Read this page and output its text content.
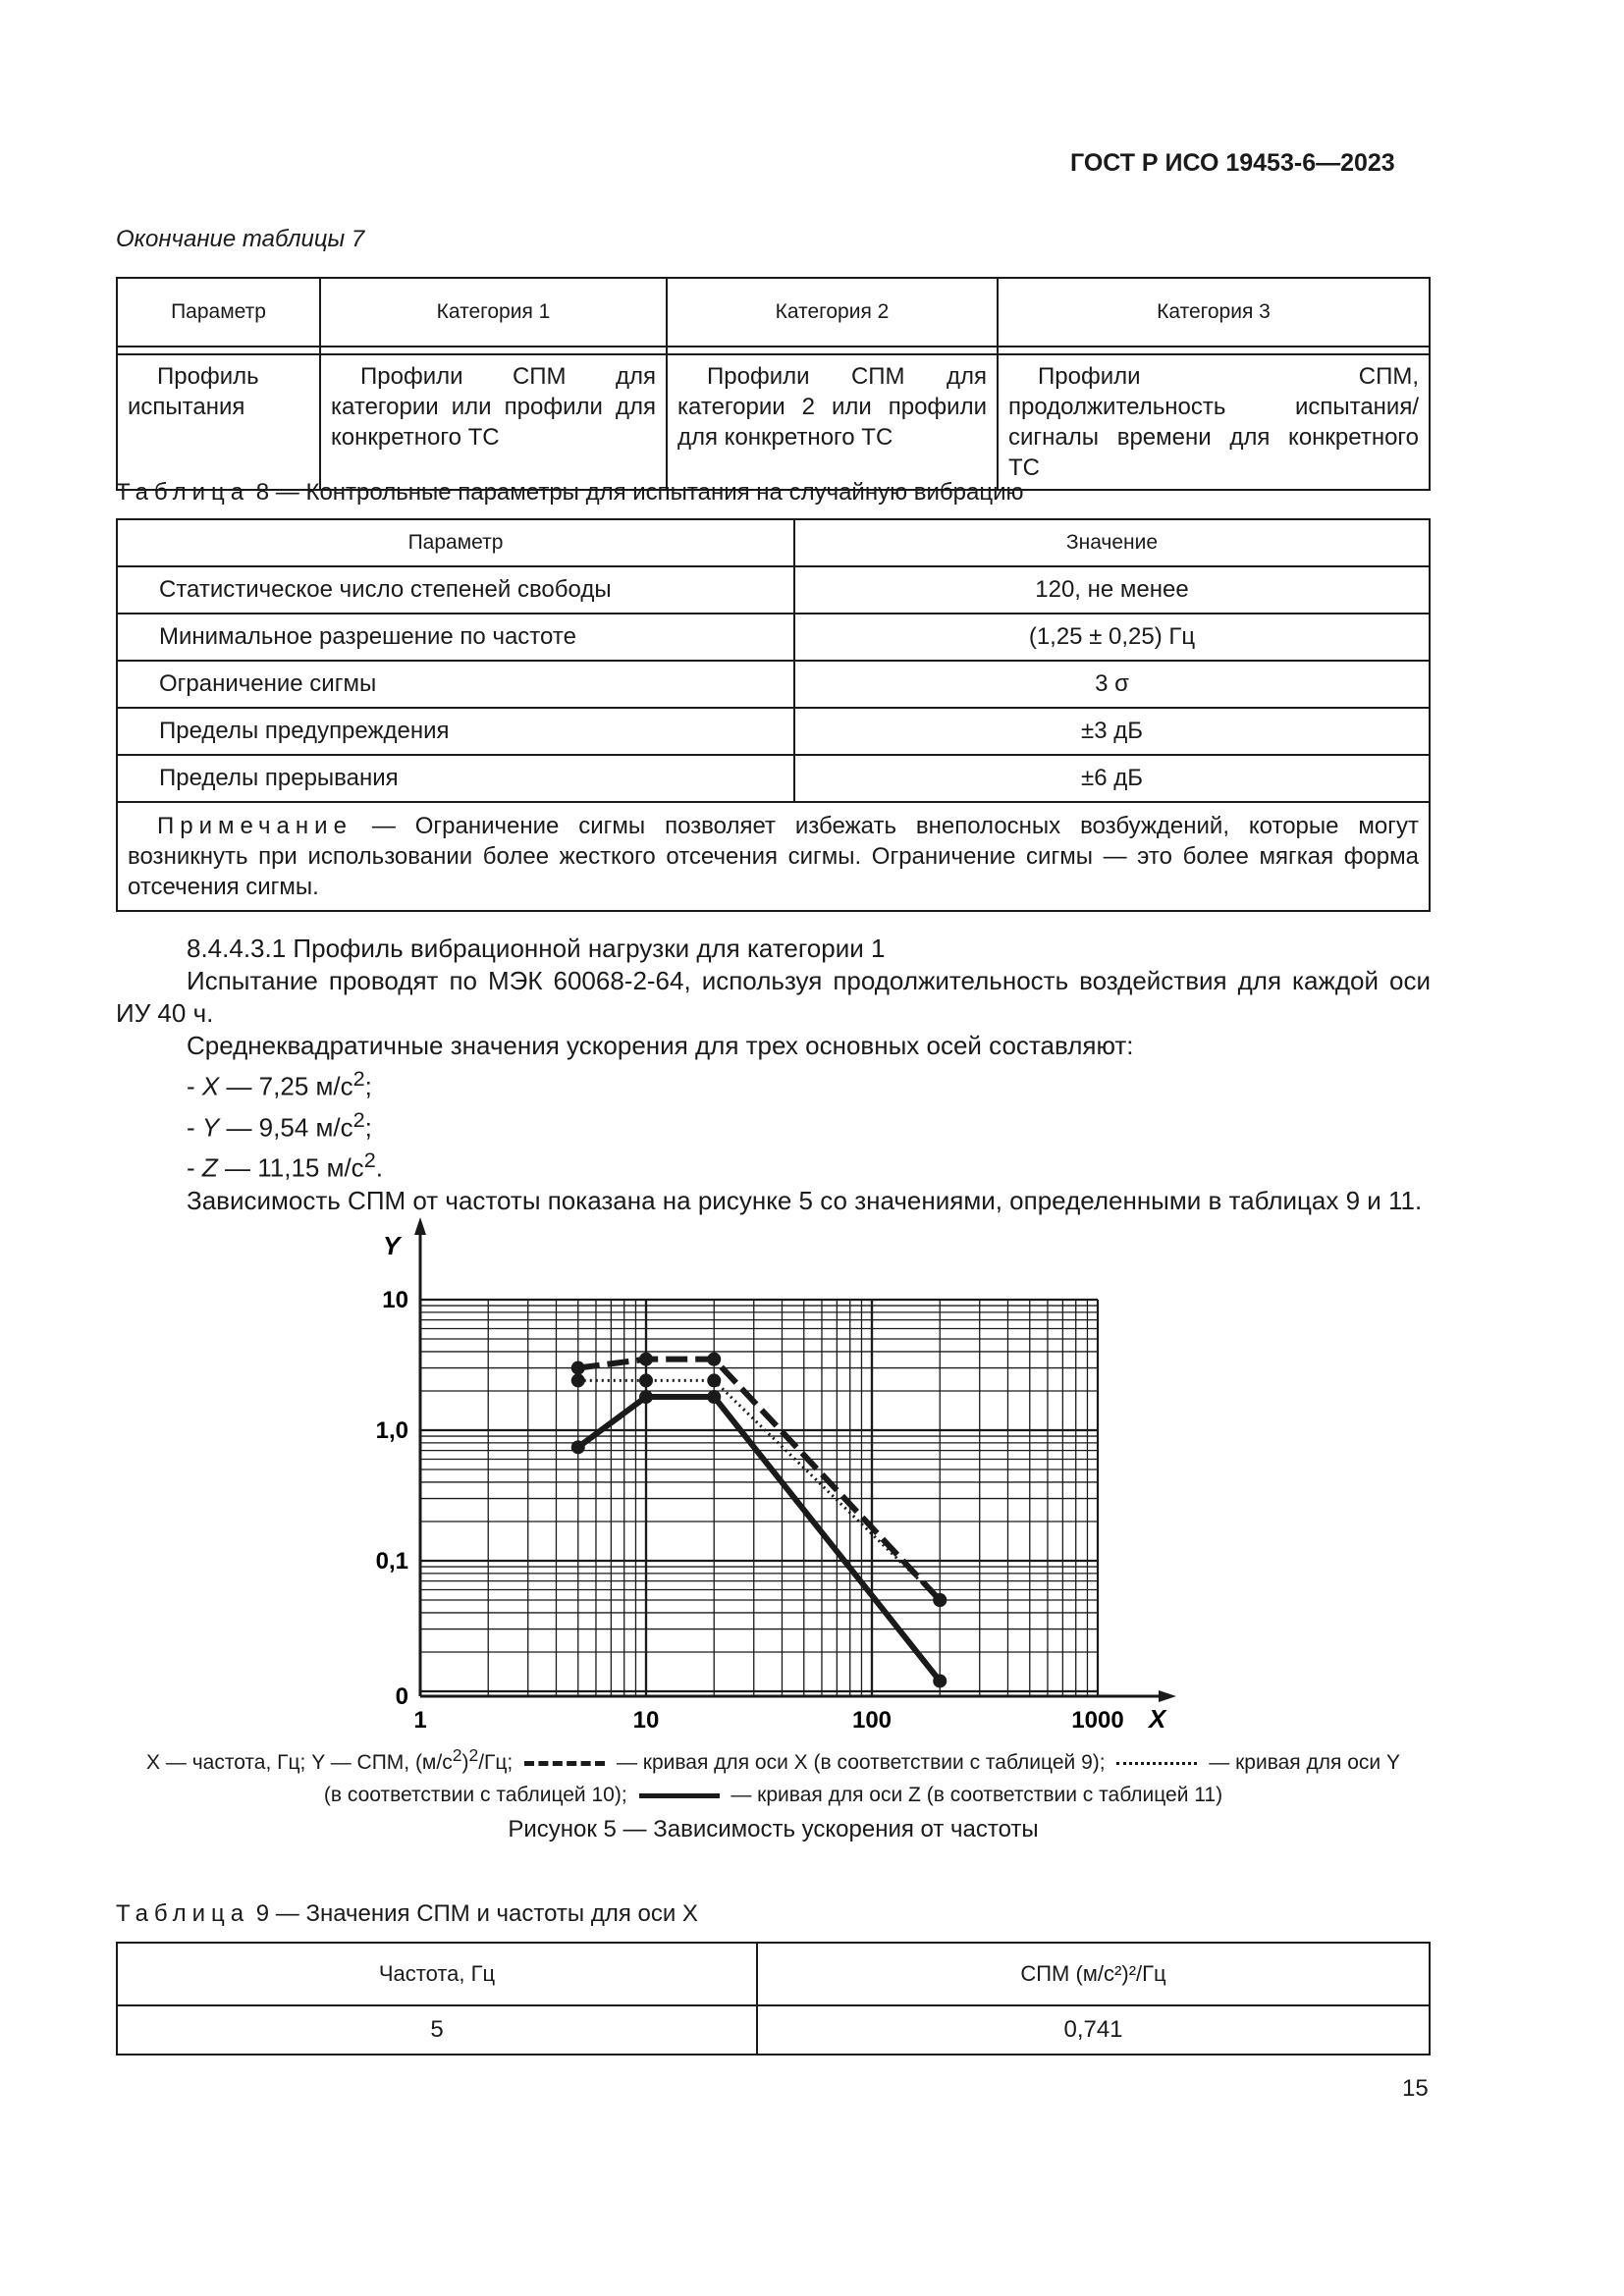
ГОСТ Р ИСО 19453-6—2023
Окончание таблицы 7
Параметр	Категория 1	Категория 2	Категория 3

Профиль испытания	Профили СПМ для категории или профили для конкретного ТС	Профили СПМ для категории 2 или профили для конкретного ТС	Профили СПМ, продолжительность испытания/сигналы времени для конкретного ТС
Таблица 8 — Контрольные параметры для испытания на случайную вибрацию
Параметр	Значение
Статистическое число степеней свободы	120, не менее
Минимальное разрешение по частоте	(1,25 ± 0,25) Гц
Ограничение сигмы	3 σ
Пределы предупреждения	±3 дБ
Пределы прерывания	±6 дБ
Примечание — Ограничение сигмы позволяет избежать внеполосных возбуждений, которые могут возникнуть при использовании более жесткого отсечения сигмы. Ограничение сигмы — это более мягкая форма отсечения сигмы.	

8.4.4.3.1 Профиль вибрационной нагрузки для категории 1

Испытание проводят по МЭК 60068-2-64, используя продолжительность воздействия для каждой оси ИУ 40 ч.

Среднеквадратичные значения ускорения для трех основных осей составляют:

- X — 7,25 $м/с^2$;

- Y — 9,54 $м/с^2$;

- Z — 11,15 $м/с^2$.

Зависимость СПМ от частоты показана на рисунке 5 со значениями, определенными в таблицах 9 и 11.

Y
X
1	10	100	1000
0
0,1
1,0
10
X — частота, Гц; Y — СПМ, $(м/с^2)^2/Гц$;	— кривая для оси X (в соответствии с таблицей 9);	— кривая для оси Y
(в соответствии с таблицей 10);	— кривая для оси Z (в соответствии с таблицей 11)
Рисунок 5 — Зависимость ускорения от частоты
Таблица 9 — Значения СПМ и частоты для оси X
Частота, Гц	СПМ (м/с²)²/Гц
5	0,741
15
